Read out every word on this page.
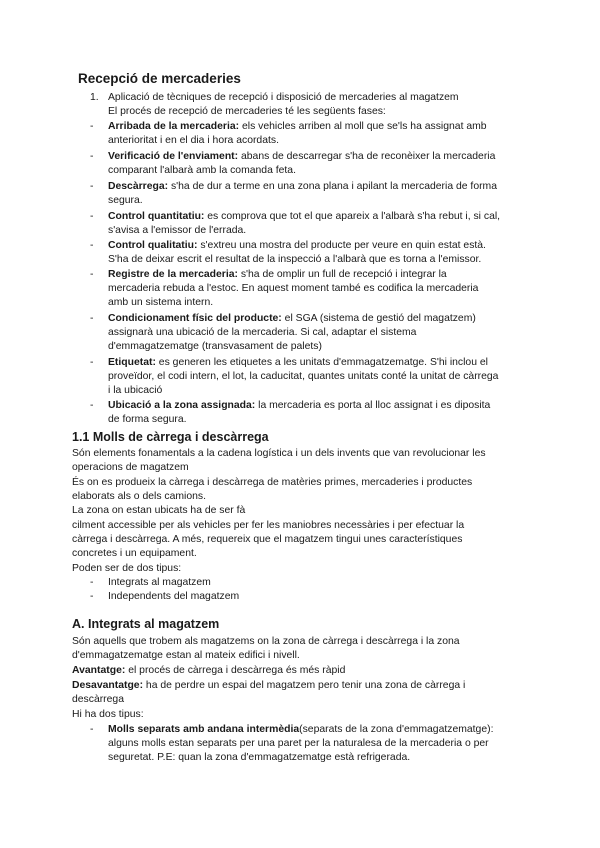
Recepció de mercaderies
1. Aplicació de tècniques de recepció i disposició de mercaderies al magatzem
El procés de recepció de mercaderies té les següents fases:
- Arribada de la mercaderia: els vehicles arriben al moll que se'ls ha assignat amb
anterioritat i en el dia i hora acordats.
- Verificació de l'enviament: abans de descarregar s'ha de reconèixer la mercaderia
comparant l'albarà amb la comanda feta.
- Descàrrega: s'ha de dur a terme en una zona plana i apilant la mercaderia de forma
segura.
- Control quantitatiu: es comprova que tot el que apareix a l'albarà s'ha rebut i, si cal,
s'avisa a l'emissor de l'errada.
- Control qualitatiu: s'extreu una mostra del producte per veure en quin estat està.
S'ha de deixar escrit el resultat de la inspecció a l'albarà que es torna a l'emissor.
- Registre de la mercaderia: s'ha de omplir un full de recepció i integrar la
mercaderia rebuda a l'estoc. En aquest moment també es codifica la mercaderia
amb un sistema intern.
- Condicionament físic del producte: el SGA (sistema de gestió del magatzem)
assignarà una ubicació de la mercaderia. Si cal, adaptar el sistema
d'emmagatzematge (transvasament de palets)
- Etiquetat: es generen les etiquetes a les unitats d'emmagatzematge. S'hi inclou el
proveïdor, el codi intern, el lot, la caducitat, quantes unitats conté la unitat de càrrega
i la ubicació
- Ubicació a la zona assignada: la mercaderia es porta al lloc assignat i es diposita
de forma segura.
1.1 Molls de càrrega i descàrrega
Són elements fonamentals a la cadena logística i un dels invents que van revolucionar les
operacions de magatzem
És on es produeix la càrrega i descàrrega de matèries primes, mercaderies i productes
elaborats als o dels camions.
La zona on estan ubicats ha de ser fà
cilment accessible per als vehicles per fer les maniobres necessàries i per efectuar la
càrrega i descàrrega. A més, requereix que el magatzem tingui unes característiques
concretes i un equipament.
Poden ser de dos tipus:
- Integrats al magatzem
- Independents del magatzem
A. Integrats al magatzem
Són aquells que trobem als magatzems on la zona de càrrega i descàrrega i la zona
d'emmagatzematge estan al mateix edifici i nivell.
Avantatge: el procés de càrrega i descàrrega és més ràpid
Desavantatge: ha de perdre un espai del magatzem pero tenir una zona de càrrega i
descàrrega
Hi ha dos tipus:
- Molls separats amb andana intermèdia(separats de la zona d'emmagatzematge):
alguns molls estan separats per una paret per la naturalesa de la mercaderia o per
seguretat. P.E: quan la zona d'emmagatzematge està refrigerada.
